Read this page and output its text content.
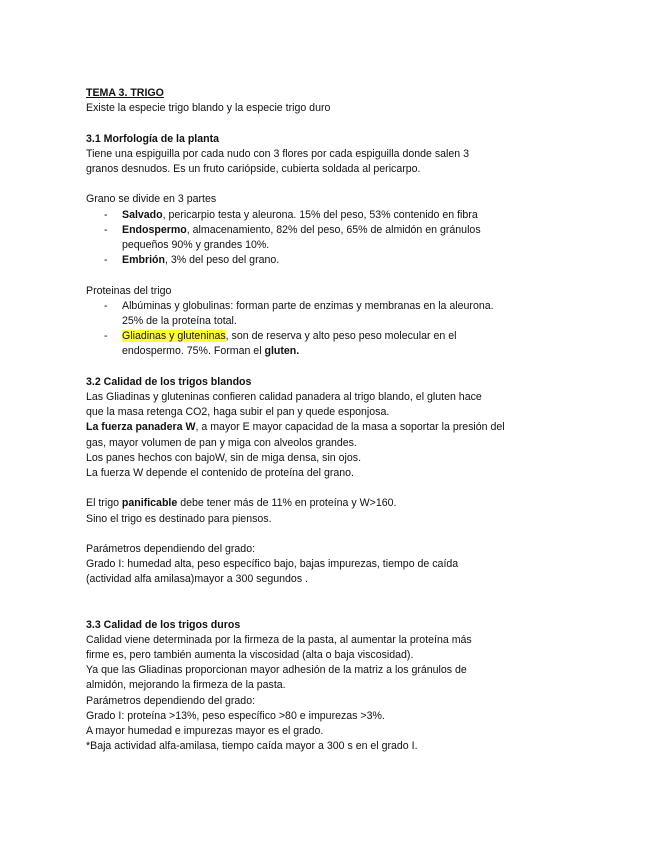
TEMA 3. TRIGO
Existe la especie trigo blando y la especie trigo duro
3.1 Morfología de la planta
Tiene una espiguilla por cada nudo con 3 flores por cada espiguilla donde salen 3
granos desnudos. Es un fruto cariópside, cubierta soldada al pericarpo.
Grano se divide en 3 partes
- Salvado, pericarpio testa y aleurona. 15% del peso, 53% contenido en fibra
- Endospermo, almacenamiento, 82% del peso, 65% de almidón en gránulos
pequeños 90% y grandes 10%.
- Embrión, 3% del peso del grano.
Proteinas del trigo
- Albúminas y globulinas: forman parte de enzimas y membranas en la aleurona.
25% de la proteína total.
- Gliadinas y gluteninas, son de reserva y alto peso peso molecular en el
endospermo. 75%. Forman el gluten.
3.2 Calidad de los trigos blandos
Las Gliadinas y gluteninas confieren calidad panadera al trigo blando, el gluten hace
que la masa retenga CO2, haga subir el pan y quede esponjosa.
La fuerza panadera W, a mayor E mayor capacidad de la masa a soportar la presión del
gas, mayor volumen de pan y miga con alveolos grandes.
Los panes hechos con bajoW, sin de miga densa, sin ojos.
La fuerza W depende el contenido de proteína del grano.
El trigo panificable debe tener más de 11% en proteína y W>160.
Sino el trigo es destinado para piensos.
Parámetros dependiendo del grado:
Grado I: humedad alta, peso específico bajo, bajas impurezas, tiempo de caída
(actividad alfa amilasa)mayor a 300 segundos .
3.3 Calidad de los trigos duros
Calidad viene determinada por la firmeza de la pasta, al aumentar la proteína más
firme es, pero también aumenta la viscosidad (alta o baja viscosidad).
Ya que las Gliadinas proporcionan mayor adhesión de la matriz a los gránulos de
almidón, mejorando la firmeza de la pasta.
Parámetros dependiendo del grado:
Grado I: proteína >13%, peso específico >80 e impurezas >3%.
A mayor humedad e impurezas mayor es el grado.
*Baja actividad alfa-amilasa, tiempo caída mayor a 300 s en el grado I.
